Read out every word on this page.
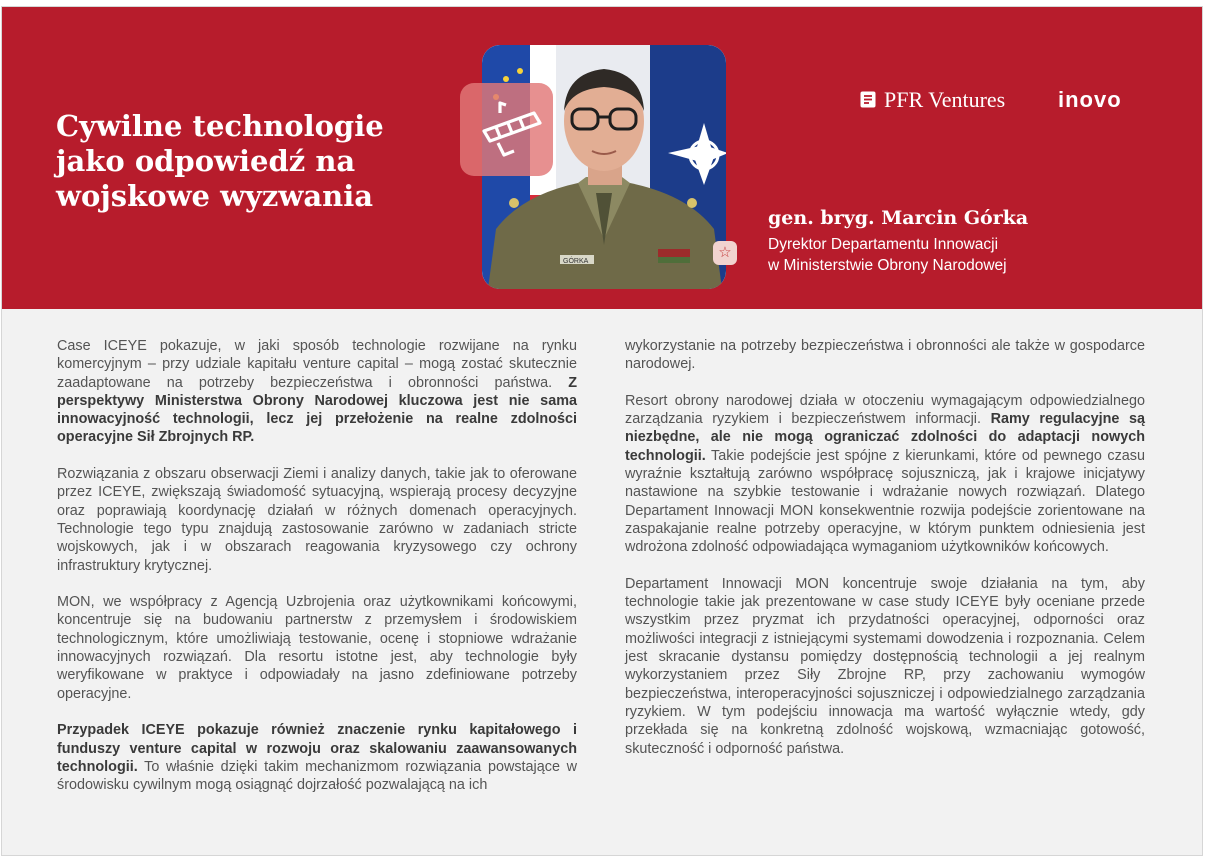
Cywilne technologie
jako odpowiedź na
wojskowe wyzwania
GÓRKA
☆
PFR Ventures inovo
gen. bryg. Marcin Górka
Dyrektor Departamentu Innowacji
w Ministerstwie Obrony Narodowej

Case ICEYE pokazuje, w jaki sposób technologie rozwijane na rynku komercyjnym – przy udziale kapitału venture capital – mogą zostać skutecznie zaadaptowane na potrzeby bezpieczeństwa i obronności państwa. Z perspektywy Ministerstwa Obrony Narodowej kluczowa jest nie sama innowacyjność technologii, lecz jej przełożenie na realne zdolności operacyjne Sił Zbrojnych RP.

Rozwiązania z obszaru obserwacji Ziemi i analizy danych, takie jak to oferowane przez ICEYE, zwiększają świadomość sytuacyjną, wspierają procesy decyzyjne oraz poprawiają koordynację działań w różnych domenach operacyjnych. Technologie tego typu znajdują zastosowanie zarówno w zadaniach stricte wojskowych, jak i w obszarach reagowania kryzysowego czy ochrony infrastruktury krytycznej.

MON, we współpracy z Agencją Uzbrojenia oraz użytkownikami końcowymi, koncentruje się na budowaniu partnerstw z przemysłem i środowiskiem technologicznym, które umożliwiają testowanie, ocenę i stopniowe wdrażanie innowacyjnych rozwiązań. Dla resortu istotne jest, aby technologie były weryfikowane w praktyce i odpowiadały na jasno zdefiniowane potrzeby operacyjne.

Przypadek ICEYE pokazuje również znaczenie rynku kapitałowego i funduszy venture capital w rozwoju oraz skalowaniu zaawansowanych technologii. To właśnie dzięki takim mechanizmom rozwiązania powstające w środowisku cywilnym mogą osiągnąć dojrzałość pozwalającą na ich

wykorzystanie na potrzeby bezpieczeństwa i obronności ale także w gospodarce narodowej.

Resort obrony narodowej działa w otoczeniu wymagającym odpowiedzialnego zarządzania ryzykiem i bezpieczeństwem informacji. Ramy regulacyjne są niezbędne, ale nie mogą ograniczać zdolności do adaptacji nowych technologii. Takie podejście jest spójne z kierunkami, które od pewnego czasu wyraźnie kształtują zarówno współpracę sojuszniczą, jak i krajowe inicjatywy nastawione na szybkie testowanie i wdrażanie nowych rozwiązań. Dlatego Departament Innowacji MON konsekwentnie rozwija podejście zorientowane na zaspakajanie realne potrzeby operacyjne, w którym punktem odniesienia jest wdrożona zdolność odpowiadająca wymaganiom użytkowników końcowych.

Departament Innowacji MON koncentruje swoje działania na tym, aby technologie takie jak prezentowane w case study ICEYE były oceniane przede wszystkim przez pryzmat ich przydatności operacyjnej, odporności oraz możliwości integracji z istniejącymi systemami dowodzenia i rozpoznania. Celem jest skracanie dystansu pomiędzy dostępnością technologii a jej realnym wykorzystaniem przez Siły Zbrojne RP, przy zachowaniu wymogów bezpieczeństwa, interoperacyjności sojuszniczej i odpowiedzialnego zarządzania ryzykiem. W tym podejściu innowacja ma wartość wyłącznie wtedy, gdy przekłada się na konkretną zdolność wojskową, wzmacniając gotowość, skuteczność i odporność państwa.
